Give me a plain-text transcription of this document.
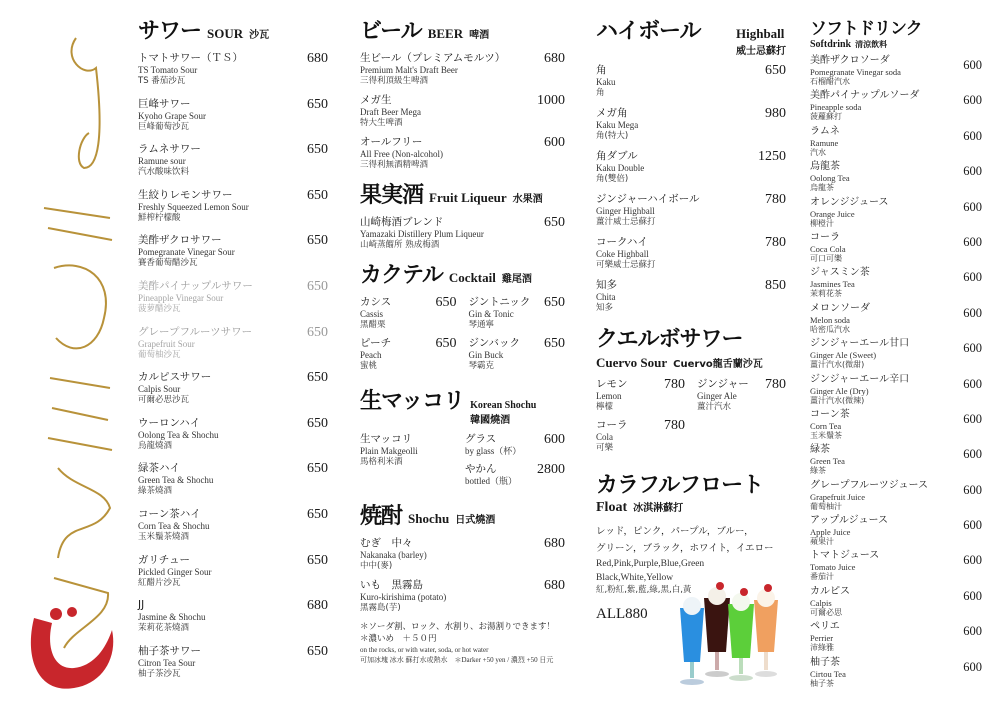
サワー SOUR 沙瓦
トマトサワー（ＴＳ）
TS Tomato Sour
TS 番茄沙瓦
680
巨峰サワー
Kyoho Grape Sour
巨峰葡萄沙瓦
650
ラムネサワー
Ramune sour
汽水酸味饮料
650
生絞りレモンサワー
Freshly Squeezed Lemon Sour
鮮榨柠檬酸
650
美酢ザクロサワー
Pomegranate Vinegar Sour
賽香葡萄醋沙瓦
650
美酢パイナップルサワー
Pineapple Vinegar Sour
菠萝醋沙瓦
650
グレープフルーツサワー
Grapefruit Sour
葡萄柚沙瓦
650
カルピスサワー
Calpis Sour
可爾必思沙瓦
650
ウーロンハイ
Oolong Tea & Shochu
烏龍燒酒
650
緑茶ハイ
Green Tea & Shochu
綠茶燒酒
650
コーン茶ハイ
Corn Tea & Shochu
玉米鬚茶燒酒
650
ガリチュー
Pickled Ginger Sour
紅醋片沙瓦
650
JJ
Jasmine & Shochu
茉莉花茶燒酒
680
柚子茶サワー
Citron Tea Sour
柚子茶沙瓦
650
ビール BEER 啤酒
生ビール（プレミアムモルツ）
Premium Malt's Draft Beer
三得利頂級生啤酒
680
メガ生
Draft Beer Mega
特大生啤酒
1000
オールフリー
All Free (Non-alcohol)
三得利無酒精啤酒
600
果実酒 Fruit Liqueur 水果酒
山崎梅酒ブレンド
Yamazaki Distillery Plum Liqueur
山崎蒸餾所 熟成梅酒
650
カクテル Cocktail 雞尾酒
カシス
Cassis
黑醋栗
650 ジントニック
Gin & Tonic
琴通寧
650
ピーチ
Peach
蜜桃
650 ジンバック
Gin Buck
琴霸克
650
生マッコリ Korean Shochu
韓國燒酒
生マッコリ
Plain Makgeolli
馬格利米酒
グラス
by glass（杯）
600
やかん
bottled（瓶）
2800
焼酎 Shochu 日式燒酒
むぎ　中々
Nakanaka (barley)
中中(麥)
680
いも　黒霧島
Kuro-kirishima (potato)
黑霧島(芋)
680
＊ソーダ割、ロック、水割り、お湯割りできます！
＊濃いめ　＋５０円
on the rocks, or with water, soda, or hot water
可加冰塊 冰水 蘇打水或熱水　＊Darker +50 yen / 濃烈 +50 日元
ハイボール	Highball
威士忌蘇打
角
Kaku
角
650
メガ角
Kaku Mega
角(特大)
980
角ダブル
Kaku Double
角(雙倍)
1250
ジンジャーハイボール
Ginger Highball
薑汁威士忌蘇打
780
コークハイ
Coke Highball
可樂威士忌蘇打
780
知多
Chita
知多
850
クエルボサワー
Cuervo Sour Cuervo龍舌蘭沙瓦
レモン
Lemon
檸檬
780 ジンジャー
Ginger Ale
薑汁汽水
780
コーラ
Cola
可樂
780
カラフルフロート
Float 冰淇淋蘇打
レッド，ピンク，パープル，ブルー，
グリーン，ブラック，ホワイト，イエロー
Red,Pink,Purple,Blue,Green
Black,White,Yellow
紅,粉紅,紫,藍,綠,黑,白,黃
ALL880
ソフトドリンク
Softdrink 清涼飲料
美酢ザクロソーダ
Pomegranate Vinegar soda
石榴醋汽水
600
美酢パイナップルソーダ
Pineapple soda
菠蘿蘇打
600
ラムネ
Ramune
汽水
600
烏龍茶
Oolong Tea
烏龍茶
600
オレンジジュース
Orange Juice
柳橙汁
600
コーラ
Coca Cola
可口可樂
600
ジャスミン茶
Jasmines Tea
茉莉花茶
600
メロンソーダ
Melon soda
哈密瓜汽水
600
ジンジャーエール甘口
Ginger Ale (Sweet)
薑汁汽水(微甜)
600
ジンジャーエール辛口
Ginger Ale (Dry)
薑汁汽水(微辣)
600
コーン茶
Corn Tea
玉米鬚茶
600
緑茶
Green Tea
綠茶
600
グレープフルーツジュース
Grapefruit Juice
葡萄柚汁
600
アップルジュース
Apple Juice
蘋果汁
600
トマトジュース
Tomato Juice
番茄汁
600
カルピス
Calpis
可爾必思
600
ペリエ
Perrier
沛綠雅
600
柚子茶
Cirtou Tea
柚子茶
600
